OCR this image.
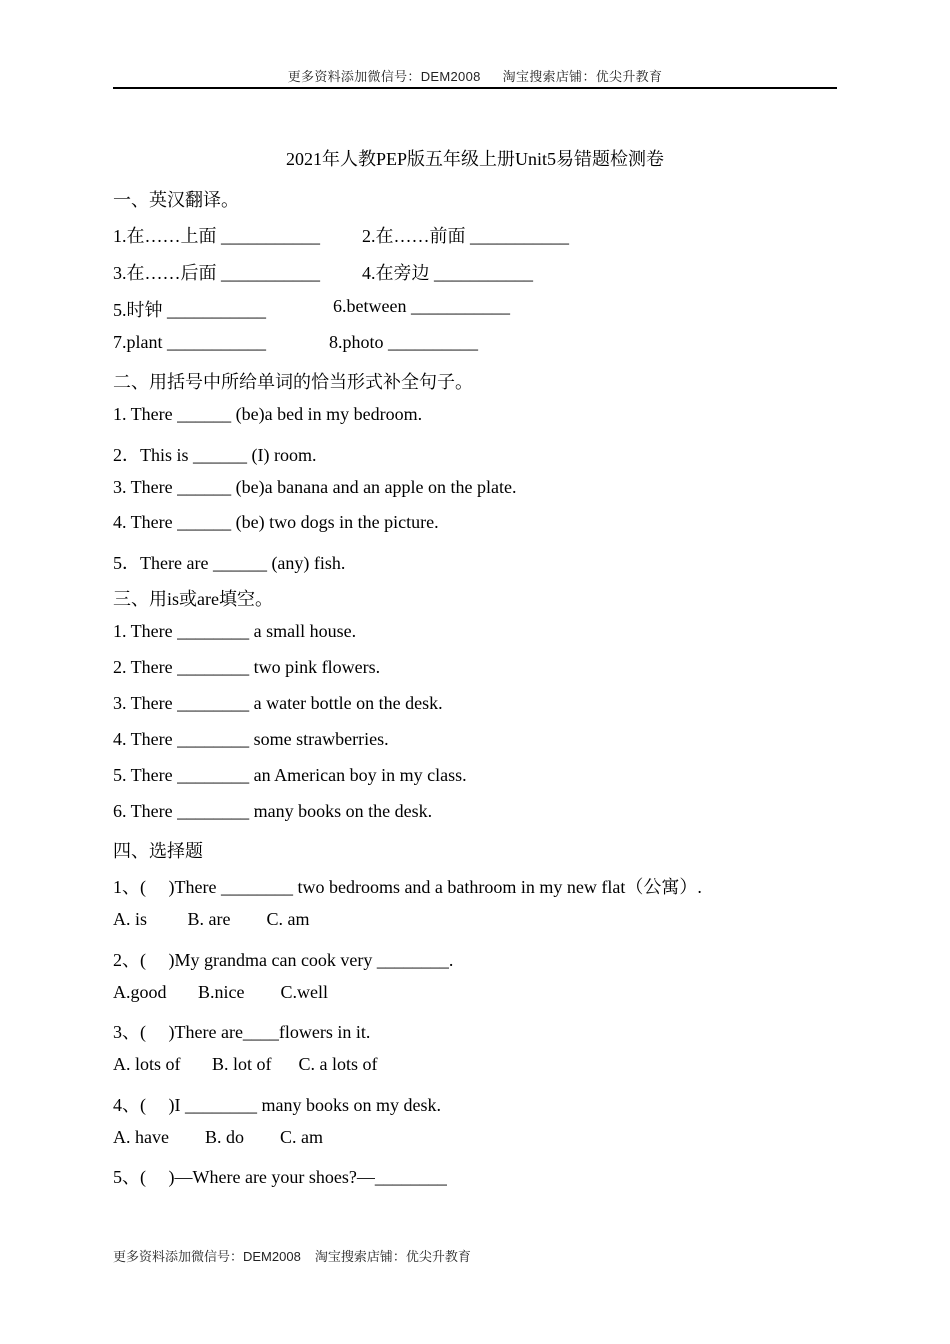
更多资料添加微信号：DEM2008 淘宝搜索店铺：优尖升教育
2021年人教PEP版五年级上册Unit5易错题检测卷
一、英汉翻译。
1.在……上面 ___________ 2.在……前面 ___________
3.在……后面 ___________ 4.在旁边 ___________
5.时钟 ___________	6.between ___________
7.plant ___________	8.photo __________
二、用括号中所给单词的恰当形式补全句子。
1. There ______ (be)a bed in my bedroom.
2．This is ______ (I) room.
3. There ______ (be)a banana and an apple on the plate.
4. There ______ (be) two dogs in the picture.
5．There are ______ (any) fish.
三、用is或are填空。
1. There ________ a small house.
2. There ________ two pink flowers.
3. There ________ a water bottle on the desk.
4. There ________ some strawberries.
5. There ________ an American boy in my class.
6. There ________ many books on the desk.
四、选择题
1、(     )There ________ two bedrooms and a bathroom in my new flat（公寓）.
A. is         B. are        C. am
2、(     )My grandma can cook very ________.
A.good       B.nice        C.well
3、(     )There are____flowers in it.
A. lots of       B. lot of      C. a lots of
4、(     )I ________ many books on my desk.
A. have        B. do        C. am
5、(     )—Where are your shoes?—________
更多资料添加微信号：DEM2008 淘宝搜索店铺：优尖升教育
